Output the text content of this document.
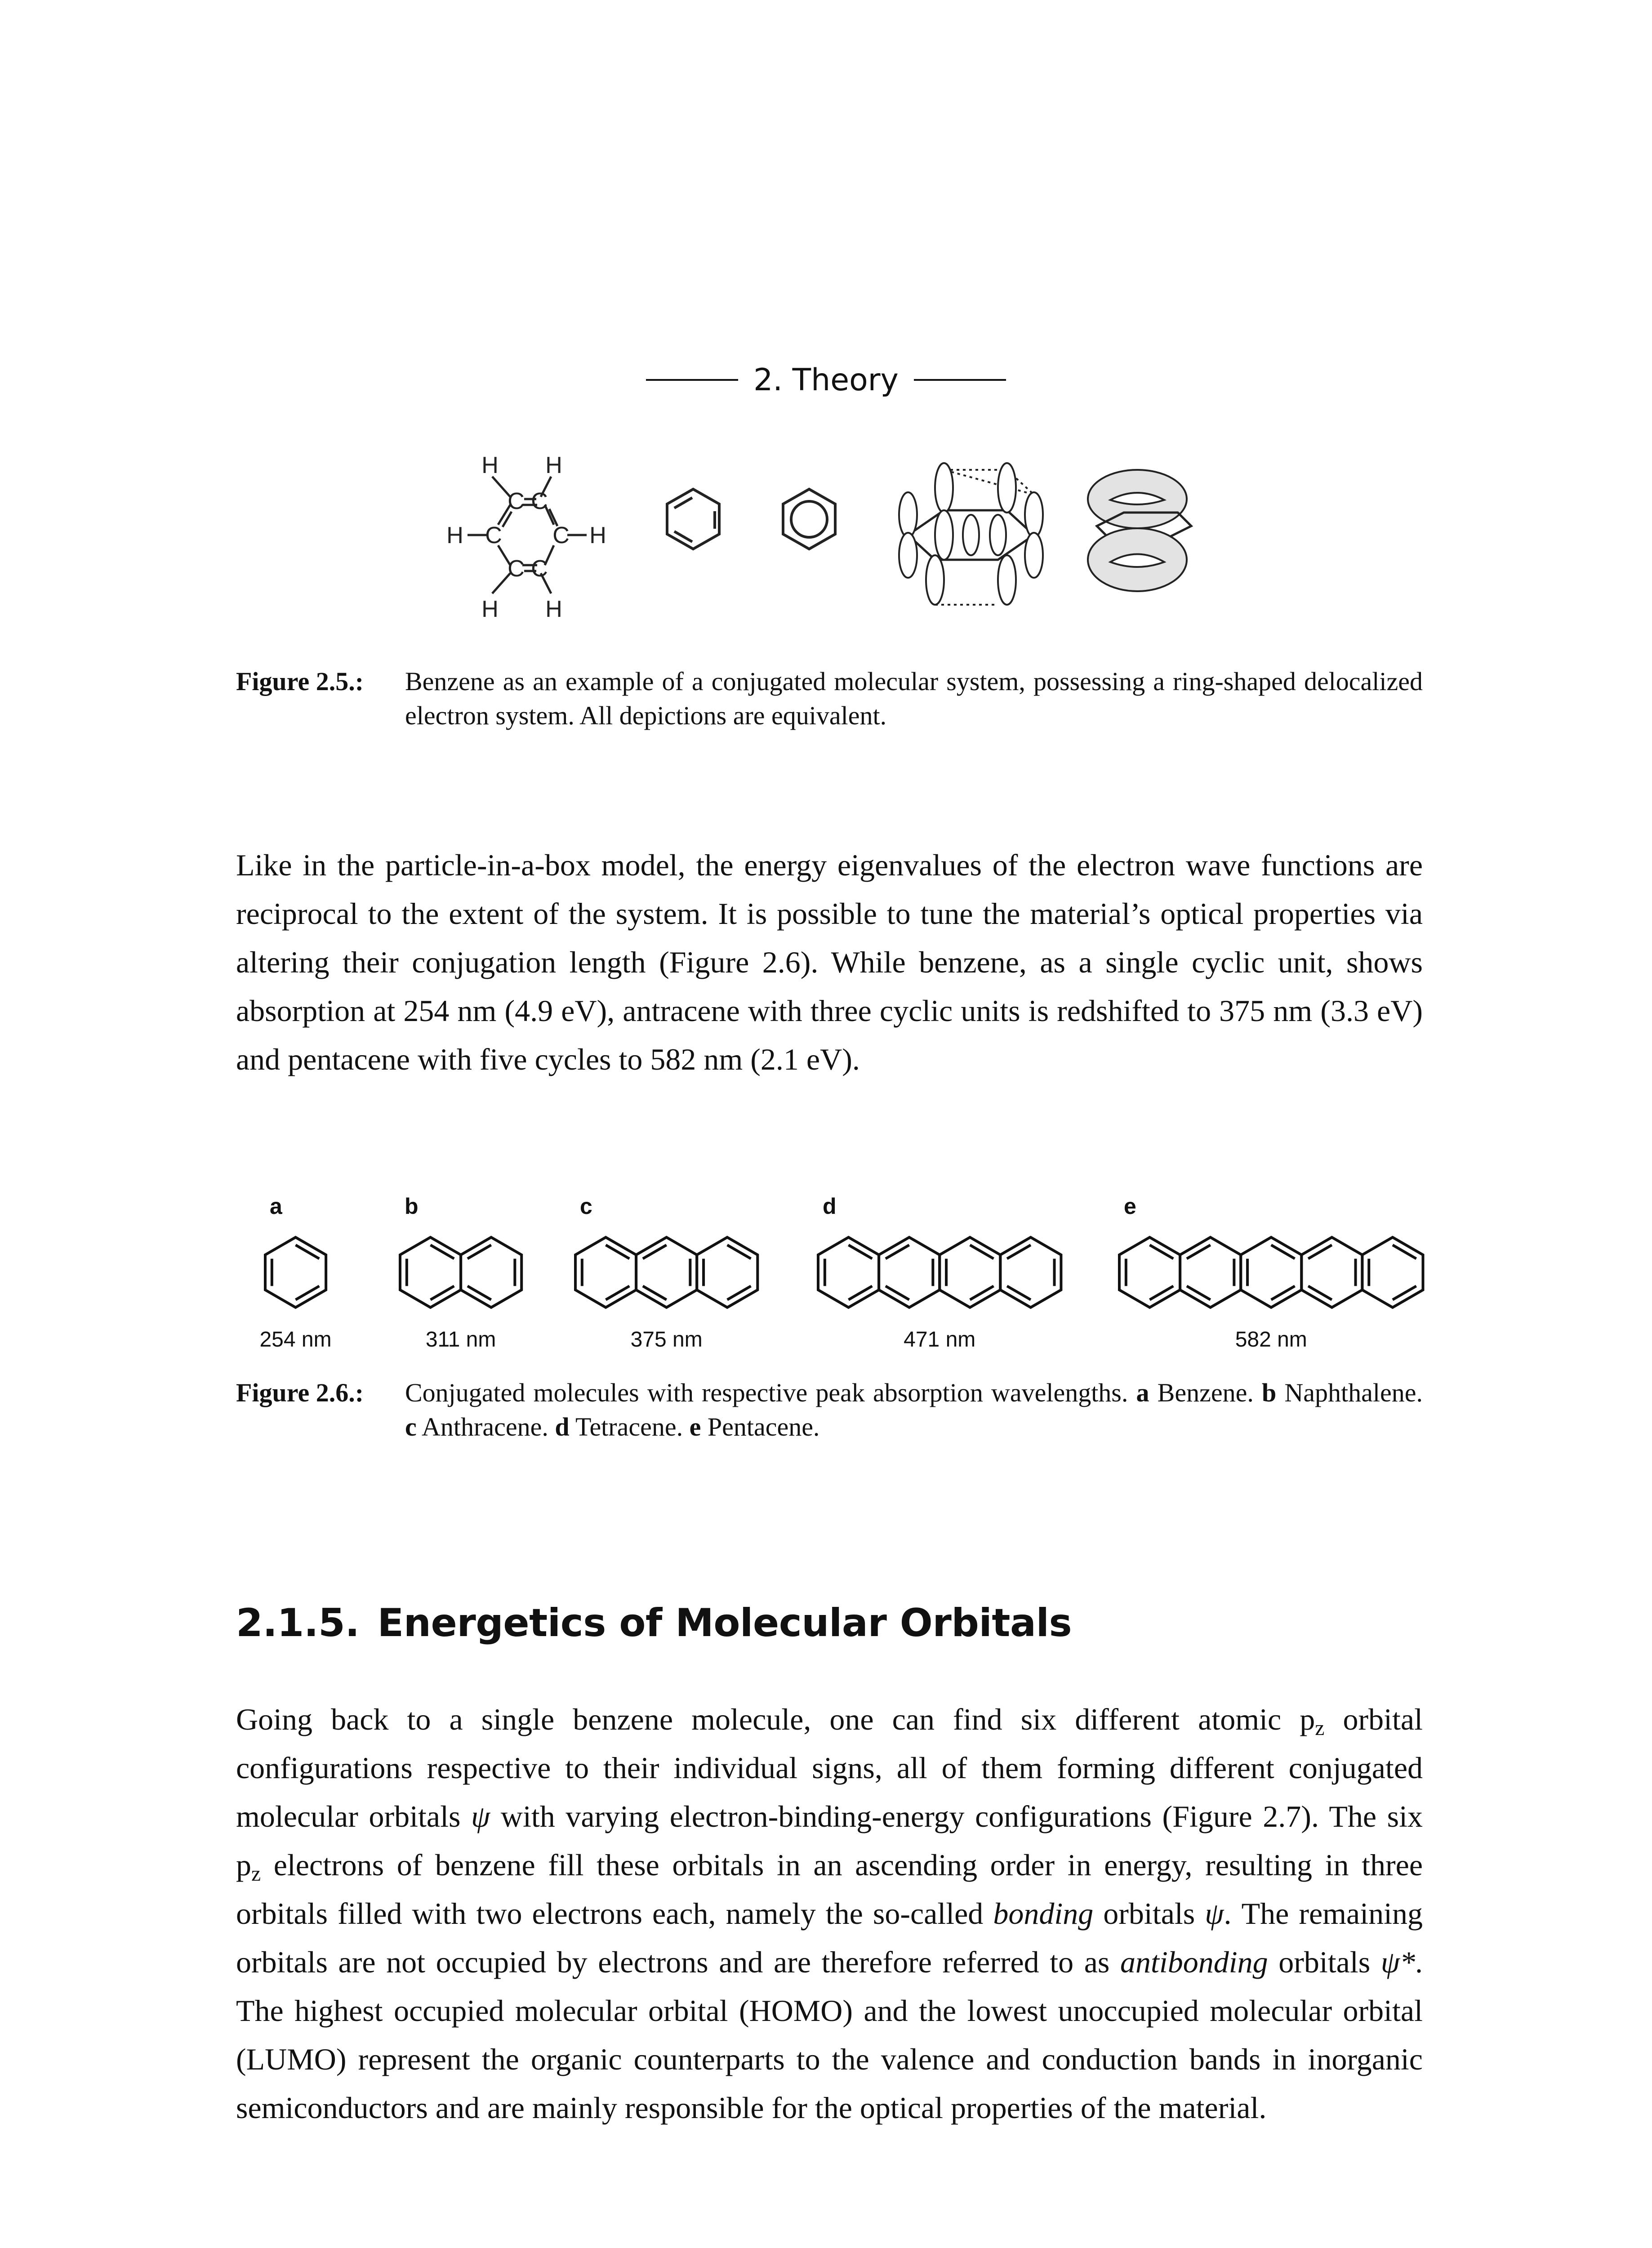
2. Theory
H H
C C
H C C H
C C
H H
Figure 2.5.: Benzene as an example of a conjugated molecular system, possessing a ring-shaped delocalized electron system. All depictions are equivalent.
Like in the particle-in-a-box model, the energy eigenvalues of the electron wave functions are reciprocal to the extent of the system. It is possible to tune the material’s optical properties via altering their conjugation length (Figure 2.6). While benzene, as a single cyclic unit, shows absorption at 254 nm (4.9 eV), antracene with three cyclic units is redshifted to 375 nm (3.3 eV) and pentacene with five cycles to 582 nm (2.1 eV).
a	b	c	d	e
254 nm	311 nm	375 nm	471 nm	582 nm
Figure 2.6.: Conjugated molecules with respective peak absorption wavelengths. a Benzene. b Naphthalene. c Anthracene. d Tetracene. e Pentacene.
2.1.5. Energetics of Molecular Orbitals
Going back to a single benzene molecule, one can find six different atomic $p_z$ orbital configurations respective to their individual signs, all of them forming different conjugated molecular orbitals ψ with varying electron-binding-energy configurations (Figure 2.7). The six $p_z$ electrons of benzene fill these orbitals in an ascending order in energy, resulting in three orbitals filled with two electrons each, namely the so-called bonding orbitals ψ. The remaining orbitals are not occupied by electrons and are therefore referred to as antibonding orbitals ψ*. The highest occupied molecular orbital (HOMO) and the lowest unoccupied molecular orbital (LUMO) represent the organic counterparts to the valence and conduction bands in inorganic semiconductors and are mainly responsible for the optical properties of the material.
